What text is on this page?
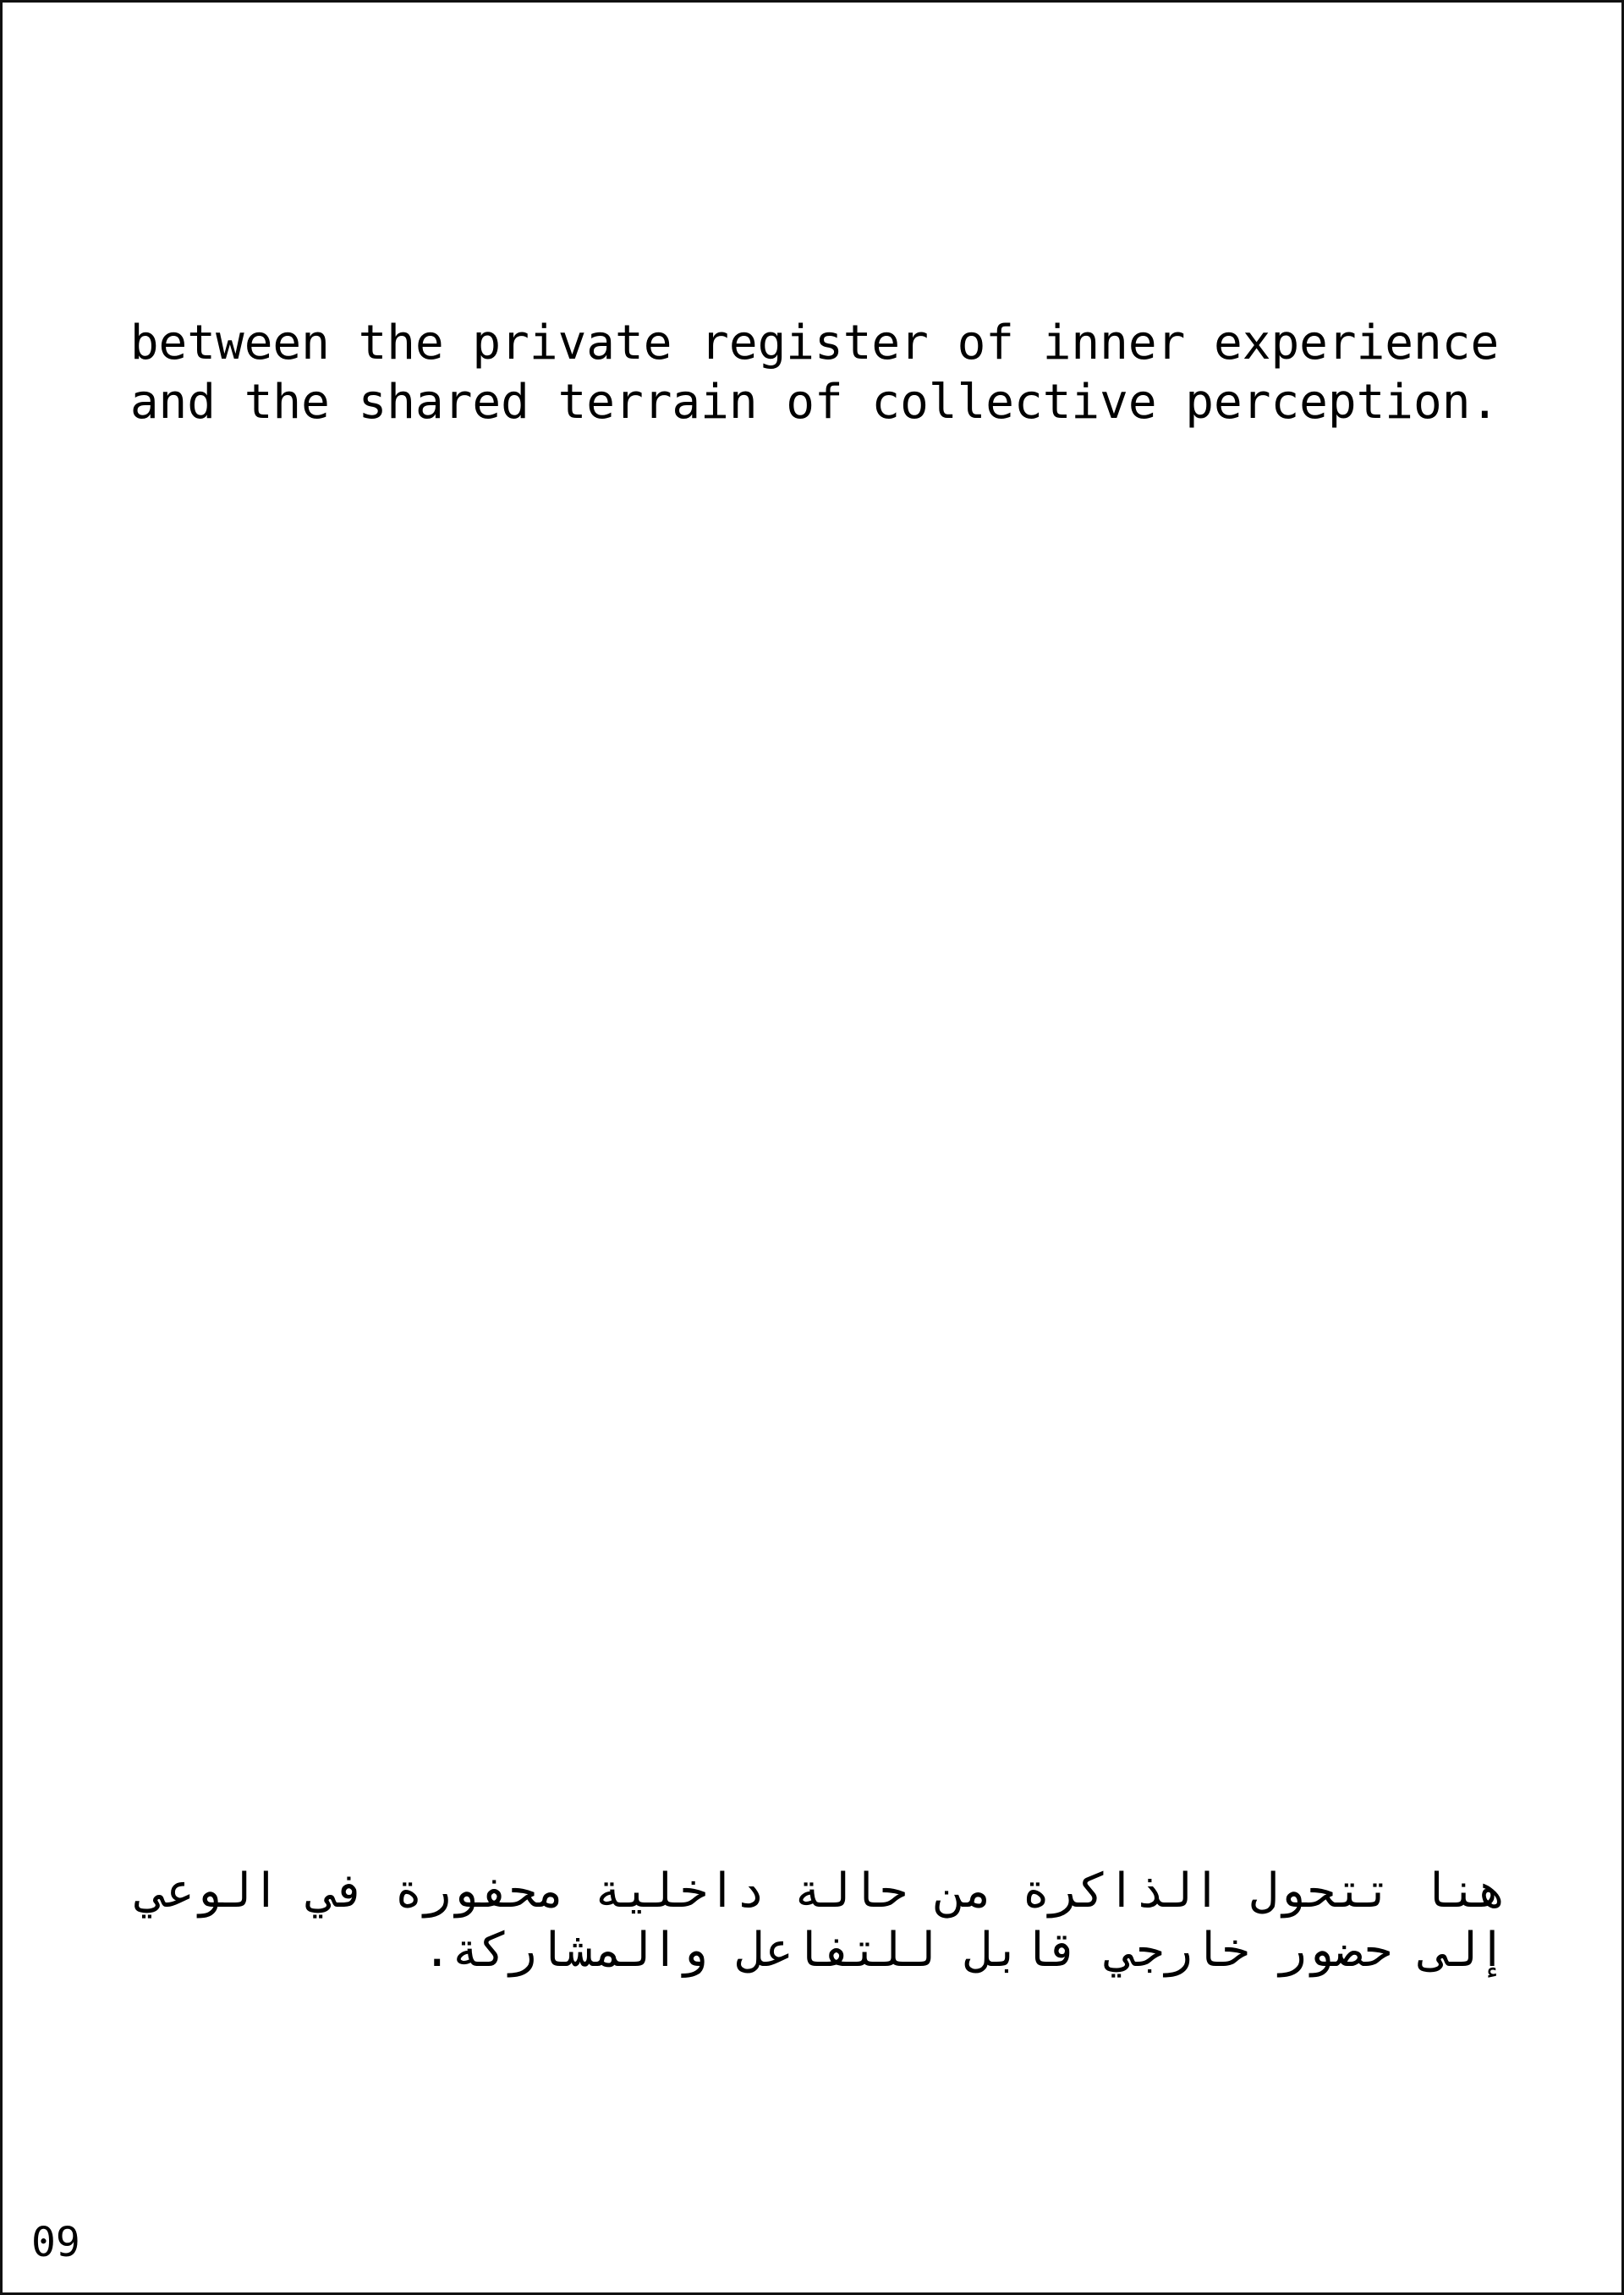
between the private register of inner experience
and the shared terrain of collective perception.
هنا تتحول الذاكرة من حالة داخلية محفورة في الوعي
إلى حضور خارجي قابل للتفاعل والمشاركة.
09
